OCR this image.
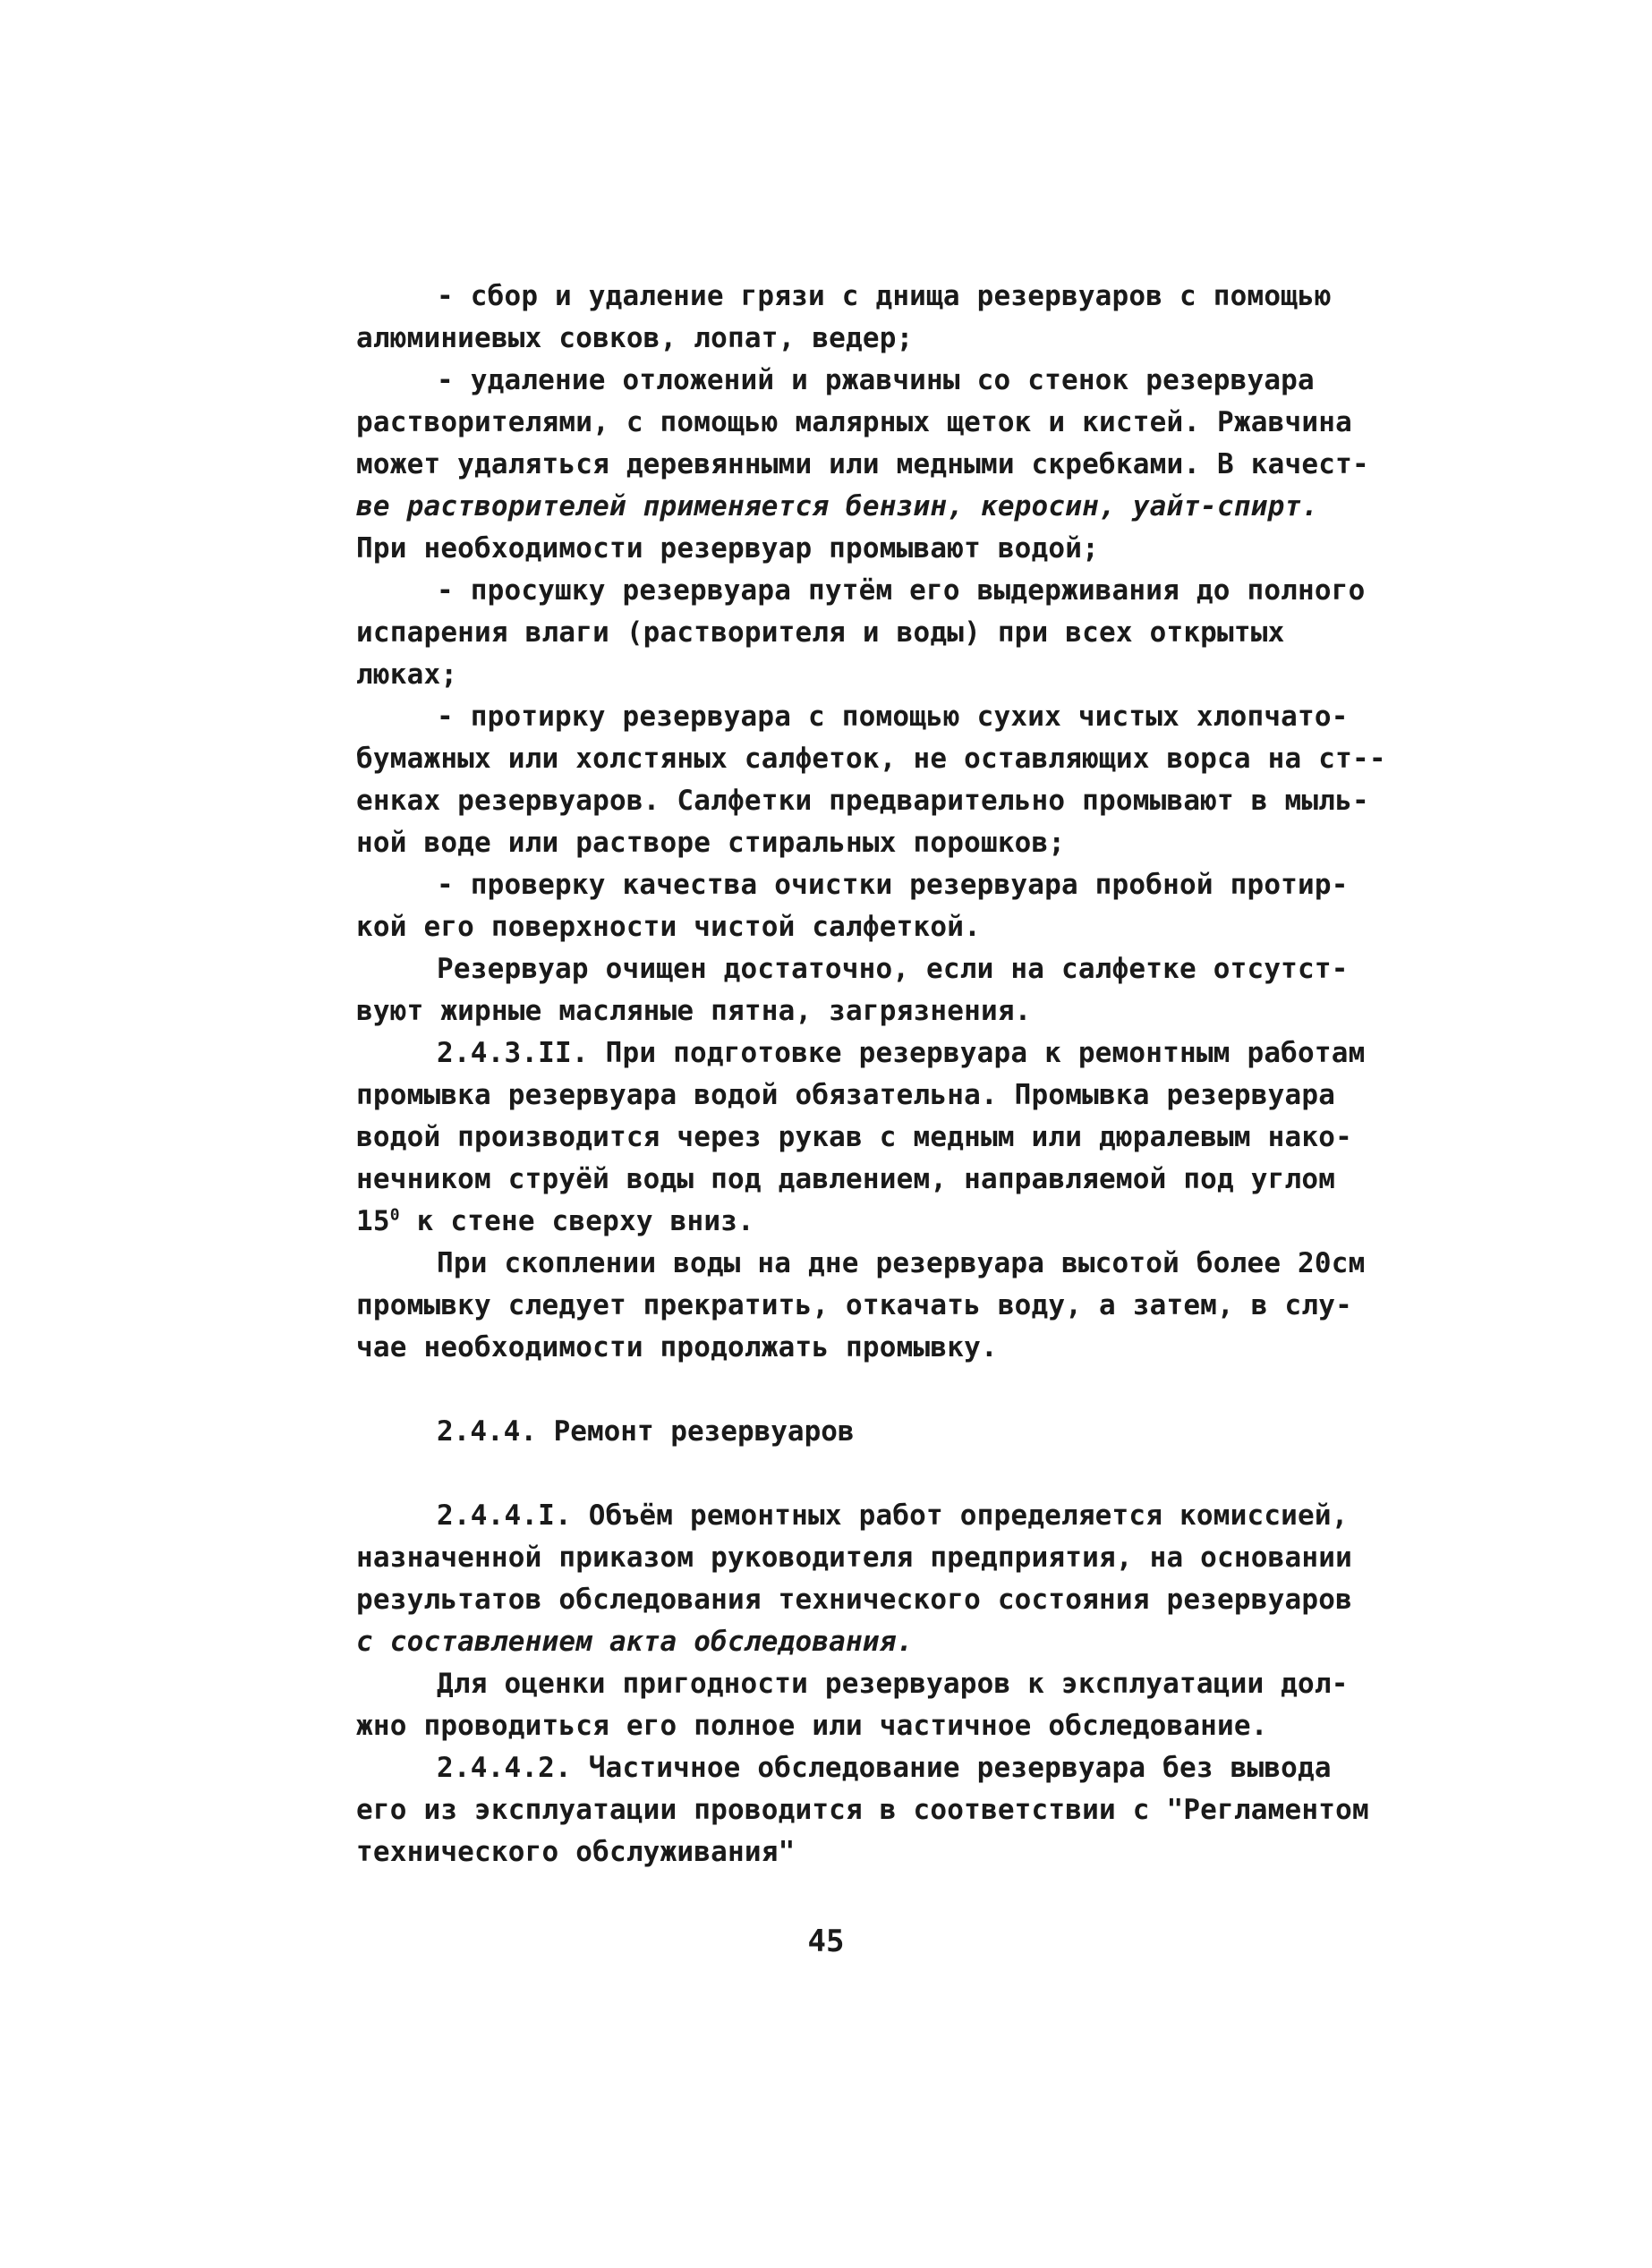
- сбор и удаление грязи с днища резервуаров с помощью
алюминиевых совков, лопат, ведер;
- удаление отложений и ржавчины со стенок резервуара
растворителями, с помощью малярных щеток и кистей. Ржавчина
может удаляться деревянными или медными скребками. В качест-
ве растворителей применяется бензин, керосин, уайт-спирт.
При необходимости резервуар промывают водой;
- просушку резервуара путём его выдерживания до полного
испарения влаги (растворителя и воды) при всех открытых
люках;
- протирку резервуара с помощью сухих чистых хлопчато-
бумажных или холстяных салфеток, не оставляющих ворса на ст--
енках резервуаров. Салфетки предварительно промывают в мыль-
ной воде или растворе стиральных порошков;
- проверку качества очистки резервуара пробной протир-
кой его поверхности чистой салфеткой.
Резервуар очищен достаточно, если на салфетке отсутст-
вуют жирные масляные пятна, загрязнения.
2.4.3.II. При подготовке резервуара к ремонтным работам
промывка резервуара водой обязательна. Промывка резервуара
водой производится через рукав с медным или дюралевым нако-
нечником струёй воды под давлением, направляемой под углом
$15^0$ к стене сверху вниз.
При скоплении воды на дне резервуара высотой более 20см
промывку следует прекратить, откачать воду, а затем, в слу-
чае необходимости продолжать промывку.
2.4.4. Ремонт резервуаров
2.4.4.I. Объём ремонтных работ определяется комиссией,
назначенной приказом руководителя предприятия, на основании
результатов обследования технического состояния резервуаров
с составлением акта обследования.
Для оценки пригодности резервуаров к эксплуатации дол-
жно проводиться его полное или частичное обследование.
2.4.4.2. Частичное обследование резервуара без вывода
его из эксплуатации проводится в соответствии с "Регламентом
технического обслуживания"
45
